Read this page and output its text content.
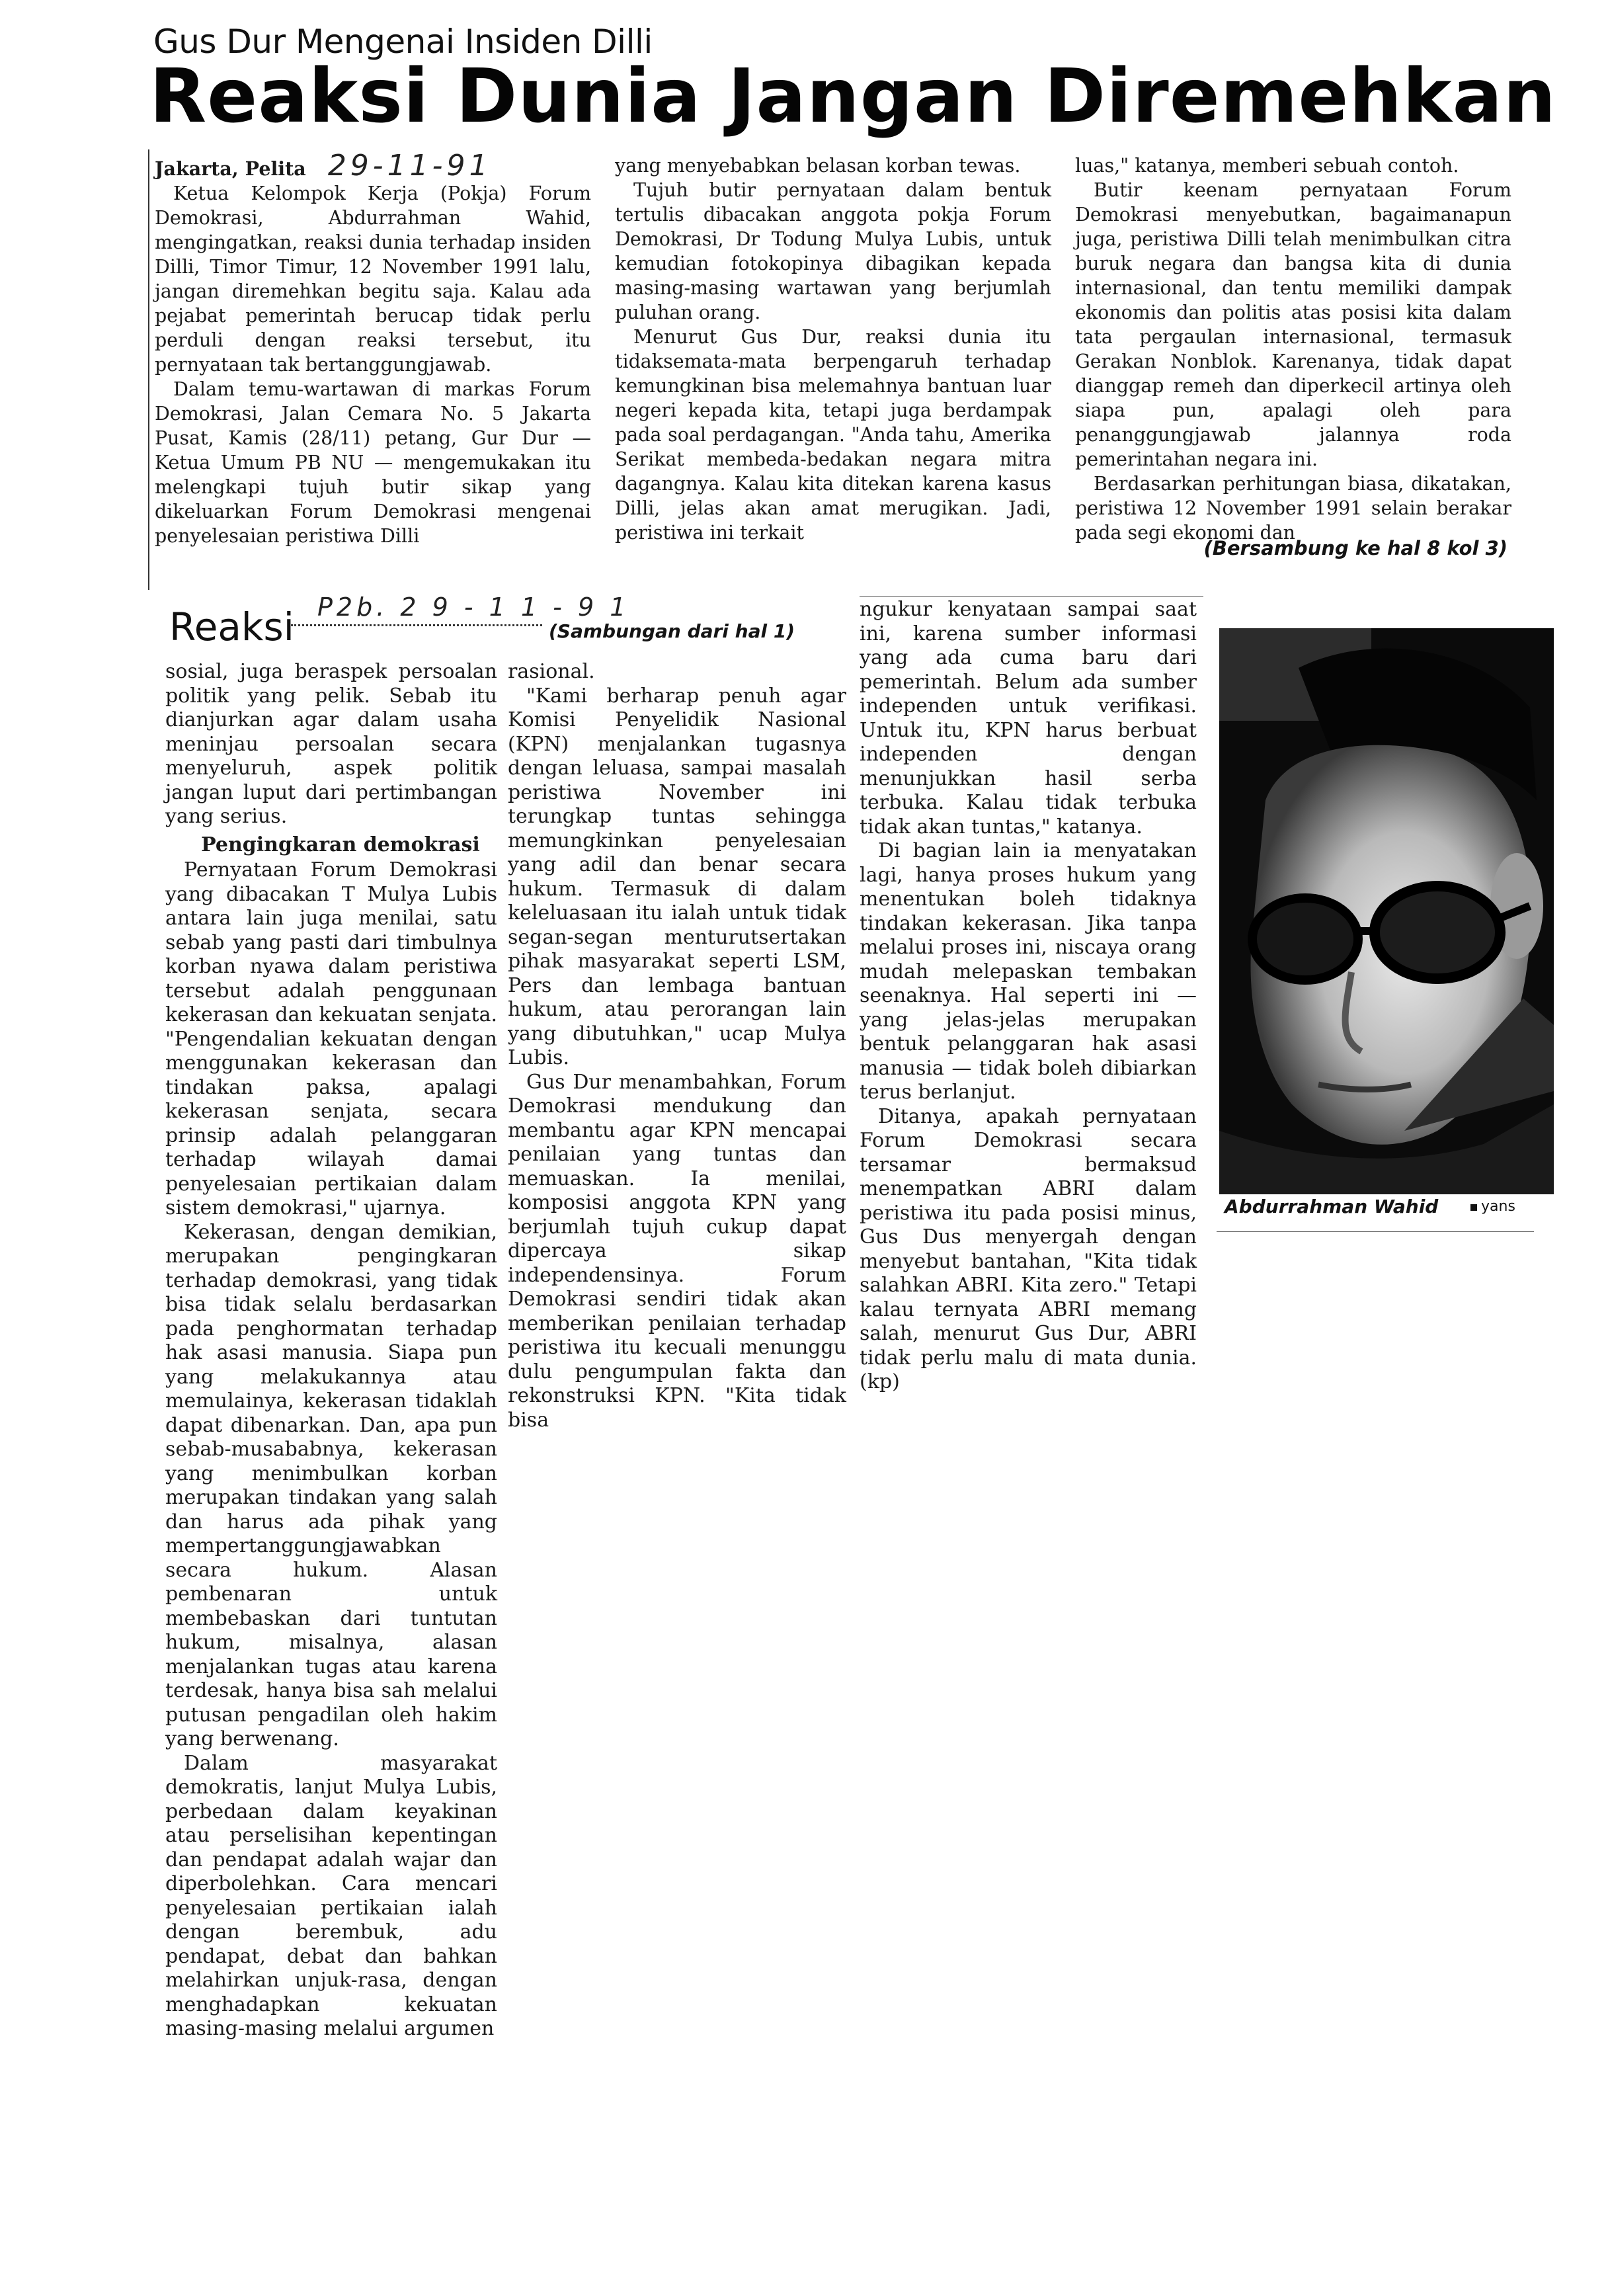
Gus Dur Mengenai Insiden Dilli
Reaksi Dunia Jangan Diremehkan

Jakarta, Pelita 29-11-91

Ketua Kelompok Kerja (Pokja) Forum Demokrasi, Abdurrahman Wahid, mengingatkan, reaksi dunia terhadap insiden Dilli, Timor Timur, 12 November 1991 lalu, jangan diremehkan begitu saja. Kalau ada pejabat pemerintah berucap tidak perlu perduli dengan reaksi tersebut, itu pernyataan tak bertanggungjawab.

Dalam temu-wartawan di markas Forum Demokrasi, Jalan Cemara No. 5 Jakarta Pusat, Kamis (28/11) petang, Gur Dur — Ketua Umum PB NU — mengemukakan itu melengkapi tujuh butir sikap yang dikeluarkan Forum Demokrasi mengenai penyelesaian peristiwa Dilli

yang menyebabkan belasan korban tewas.

Tujuh butir pernyataan dalam bentuk tertulis dibacakan anggota pokja Forum Demokrasi, Dr Todung Mulya Lubis, untuk kemudian fotokopinya dibagikan kepada masing-masing wartawan yang berjumlah puluhan orang.

Menurut Gus Dur, reaksi dunia itu tidaksemata-mata berpengaruh terhadap kemungkinan bisa melemahnya bantuan luar negeri kepada kita, tetapi juga berdampak pada soal perdagangan. "Anda tahu, Amerika Serikat membeda-bedakan negara mitra dagangnya. Kalau kita ditekan karena kasus Dilli, jelas akan amat merugikan. Jadi, peristiwa ini terkait

luas," katanya, memberi sebuah contoh.

Butir keenam pernyataan Forum Demokrasi menyebutkan, bagaimanapun juga, peristiwa Dilli telah menimbulkan citra buruk negara dan bangsa kita di dunia internasional, dan tentu memiliki dampak ekonomis dan politis atas posisi kita dalam tata pergaulan internasional, termasuk Gerakan Nonblok. Karenanya, tidak dapat dianggap remeh dan diperkecil artinya oleh siapa pun, apalagi oleh para penanggungjawab jalannya roda pemerintahan negara ini.

Berdasarkan perhitungan biasa, dikatakan, peristiwa 12 November 1991 selain berakar pada segi ekonomi dan

(Bersambung ke hal 8 kol 3)
Reaksi P2b. 2 9 - 1 1 - 9 1
(Sambungan dari hal 1)

sosial, juga beraspek persoalan politik yang pelik. Sebab itu dianjurkan agar dalam usaha meninjau persoalan secara menyeluruh, aspek politik jangan luput dari pertimbangan yang serius.

Pengingkaran demokrasi

Pernyataan Forum Demokrasi yang dibacakan T Mulya Lubis antara lain juga menilai, satu sebab yang pasti dari timbulnya korban nyawa dalam peristiwa tersebut adalah penggunaan kekerasan dan kekuatan senjata. "Pengendalian kekuatan dengan menggunakan kekerasan dan tindakan paksa, apalagi kekerasan senjata, secara prinsip adalah pelanggaran terhadap wilayah damai penyelesaian pertikaian dalam sistem demokrasi," ujarnya.

Kekerasan, dengan demikian, merupakan pengingkaran terhadap demokrasi, yang tidak bisa tidak selalu berdasarkan pada penghormatan terhadap hak asasi manusia. Siapa pun yang melakukannya atau memulainya, kekerasan tidaklah dapat dibenarkan. Dan, apa pun sebab-musababnya, kekerasan yang menimbulkan korban merupakan tindakan yang salah dan harus ada pihak yang mempertanggungjawabkan secara hukum. Alasan pembenaran untuk membebaskan dari tuntutan hukum, misalnya, alasan menjalankan tugas atau karena terdesak, hanya bisa sah melalui putusan pengadilan oleh hakim yang berwenang.

Dalam masyarakat demokratis, lanjut Mulya Lubis, perbedaan dalam keyakinan atau perselisihan kepentingan dan pendapat adalah wajar dan diperbolehkan. Cara mencari penyelesaian pertikaian ialah dengan berembuk, adu pendapat, debat dan bahkan melahirkan unjuk-rasa, dengan menghadapkan kekuatan masing-masing melalui argumen

rasional.

"Kami berharap penuh agar Komisi Penyelidik Nasional (KPN) menjalankan tugasnya dengan leluasa, sampai masalah peristiwa November ini terungkap tuntas sehingga memungkinkan penyelesaian yang adil dan benar secara hukum. Termasuk di dalam keleluasaan itu ialah untuk tidak segan-segan menturutsertakan pihak masyarakat seperti LSM, Pers dan lembaga bantuan hukum, atau perorangan lain yang dibutuhkan," ucap Mulya Lubis.

Gus Dur menambahkan, Forum Demokrasi mendukung dan membantu agar KPN mencapai penilaian yang tuntas dan memuaskan. Ia menilai, komposisi anggota KPN yang berjumlah tujuh cukup dapat dipercaya sikap independensinya. Forum Demokrasi sendiri tidak akan memberikan penilaian terhadap peristiwa itu kecuali menunggu dulu pengumpulan fakta dan rekonstruksi KPN. "Kita tidak bisa

ngukur kenyataan sampai saat ini, karena sumber informasi yang ada cuma baru dari pemerintah. Belum ada sumber independen untuk verifikasi. Untuk itu, KPN harus berbuat independen dengan menunjukkan hasil serba terbuka. Kalau tidak terbuka tidak akan tuntas," katanya.

Di bagian lain ia menyatakan lagi, hanya proses hukum yang menentukan boleh tidaknya tindakan kekerasan. Jika tanpa melalui proses ini, niscaya orang mudah melepaskan tembakan seenaknya. Hal seperti ini — yang jelas-jelas merupakan bentuk pelanggaran hak asasi manusia — tidak boleh dibiarkan terus berlanjut.

Ditanya, apakah pernyataan Forum Demokrasi secara tersamar bermaksud menempatkan ABRI dalam peristiwa itu pada posisi minus, Gus Dus menyergah dengan menyebut bantahan, "Kita tidak salahkan ABRI. Kita zero." Tetapi kalau ternyata ABRI memang salah, menurut Gus Dur, ABRI tidak perlu malu di mata dunia.(kp)

Abdurrahman Wahid	yans
